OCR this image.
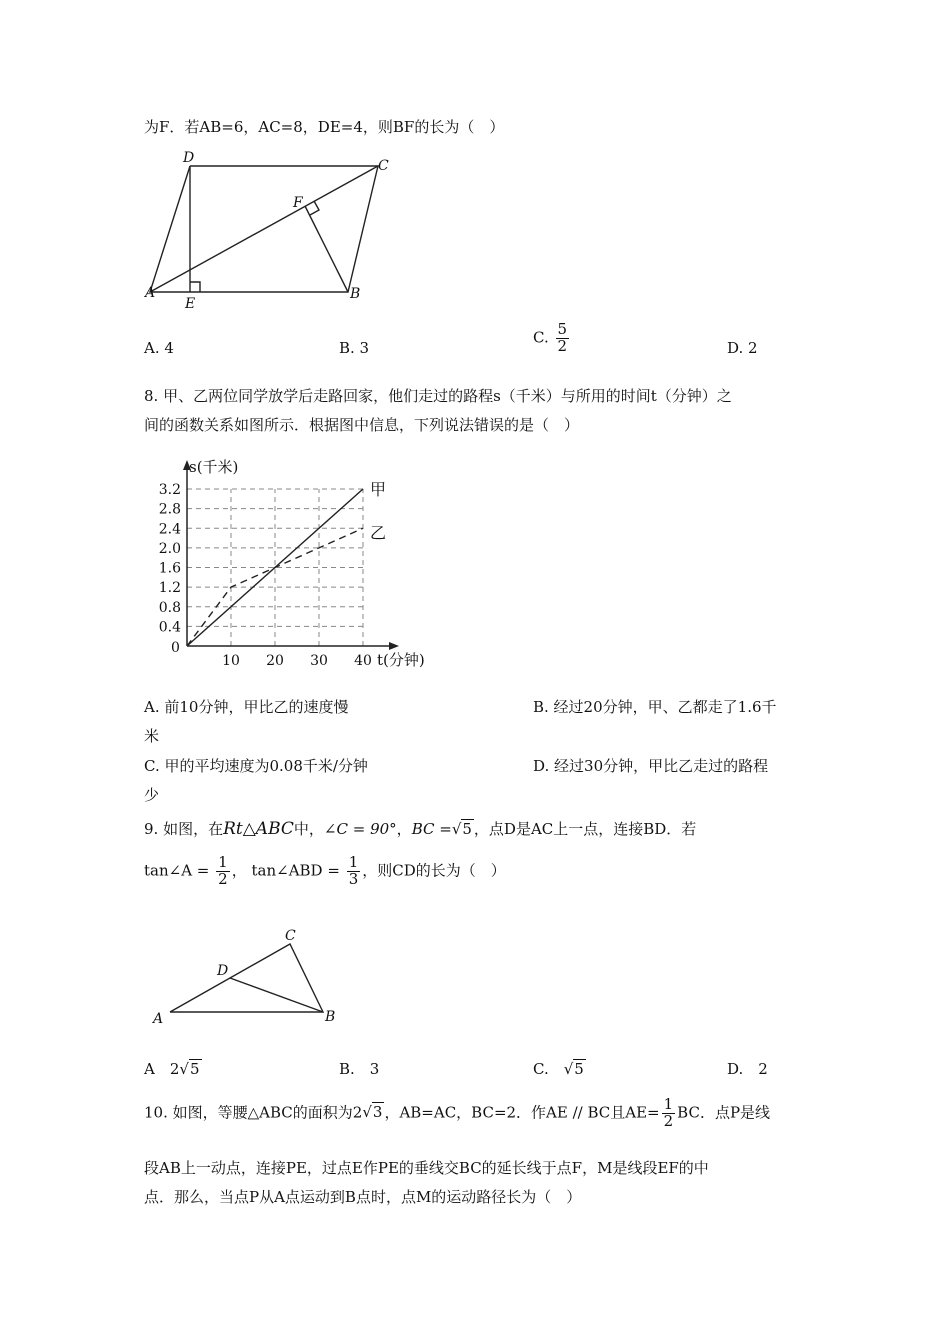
为F．若AB=6，AC=8，DE=4，则BF的长为（　）
D	C
F
A
E
B
A. 4	B. 3
C. $\frac{5}{2}$	D. 2
8. 甲、乙两位同学放学后走路回家，他们走过的路程s（千米）与所用的时间t（分钟）之
间的函数关系如图所示．根据图中信息，下列说法错误的是（　）
0.4
0.8
1.2
1.6
2.0
2.4
2.8
3.2
10 20 30 40
0
s(千米)
t(分钟)
甲
乙
A. 前10分钟，甲比乙的速度慢	B. 经过20分钟，甲、乙都走了1.6千
米
C. 甲的平均速度为0.08千米/分钟	D. 经过30分钟，甲比乙走过的路程
少
9. 如图，在Rt△ABC中，∠C = 90°，BC =√5 ，点D是AC上一点，连接BD．若
tan∠A = $\frac{1}{2}$ ， tan∠ABD = $\frac{1}{3}$ ，则CD的长为（　）
C
D
A	B
A　2√5	B.　3	C.　 √5	D.　2
10. 如图，等腰△ABC的面积为2√3 ，AB=AC，BC=2．作AE // BC且$AE= \frac{1}{2}$ BC．点P是线
段AB上一动点，连接PE，过点E作PE的垂线交BC的延长线于点F，M是线段EF的中
点．那么，当点P从A点运动到B点时，点M的运动路径长为（　）
